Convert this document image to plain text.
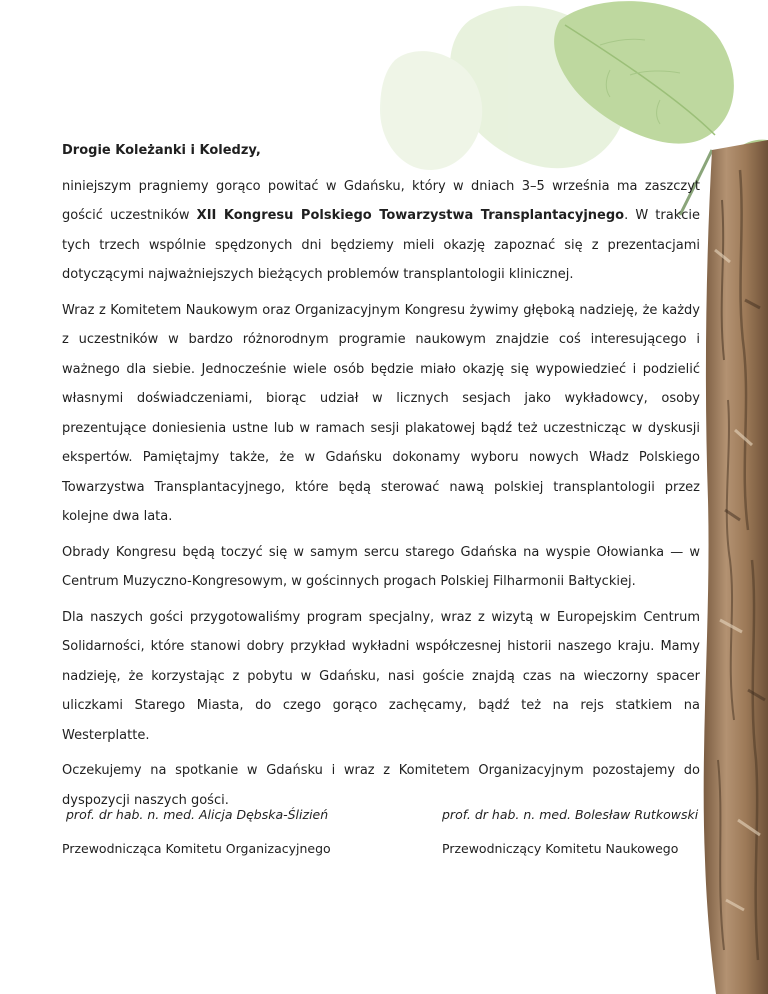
Drogie Koleżanki i Koledzy,

niniejszym pragniemy gorąco powitać w Gdańsku, który w dniach 3–5 września ma zaszczyt gościć uczestników XII Kongresu Polskiego Towarzystwa Transplantacyjnego. W trakcie tych trzech wspólnie spędzonych dni będziemy mieli okazję zapoznać się z prezentacjami dotyczącymi najważniejszych bieżących problemów transplantologii klinicznej.

Wraz z Komitetem Naukowym oraz Organizacyjnym Kongresu żywimy głęboką nadzieję, że każdy z uczestników w bardzo różnorodnym programie naukowym znajdzie coś interesującego i ważnego dla siebie. Jednocześnie wiele osób będzie miało okazję się wypowiedzieć i podzielić własnymi doświadczeniami, biorąc udział w licznych sesjach jako wykładowcy, osoby prezentujące doniesienia ustne lub w ramach sesji plakatowej bądź też uczestnicząc w dyskusji ekspertów. Pamiętajmy także, że w Gdańsku dokonamy wyboru nowych Władz Polskiego Towarzystwa Transplantacyjnego, które będą sterować nawą polskiej transplantologii przez kolejne dwa lata.

Obrady Kongresu będą toczyć się w samym sercu starego Gdańska na wyspie Ołowianka — w Centrum Muzyczno-Kongresowym, w gościnnych progach Polskiej Filharmonii Bałtyckiej.

Dla naszych gości przygotowaliśmy program specjalny, wraz z wizytą w Europejskim Centrum Solidarności, które stanowi dobry przykład wykładni współczesnej historii naszego kraju. Mamy nadzieję, że korzystając z pobytu w Gdańsku, nasi goście znajdą czas na wieczorny spacer uliczkami Starego Miasta, do czego gorąco zachęcamy, bądź też na rejs statkiem na Westerplatte.

Oczekujemy na spotkanie w Gdańsku i wraz z Komitetem Organizacyjnym pozostajemy do dyspozycji naszych gości.

prof. dr hab. n. med. Alicja Dębska-Ślizień
Przewodnicząca Komitetu Organizacyjnego
prof. dr hab. n. med. Bolesław Rutkowski
Przewodniczący Komitetu Naukowego
